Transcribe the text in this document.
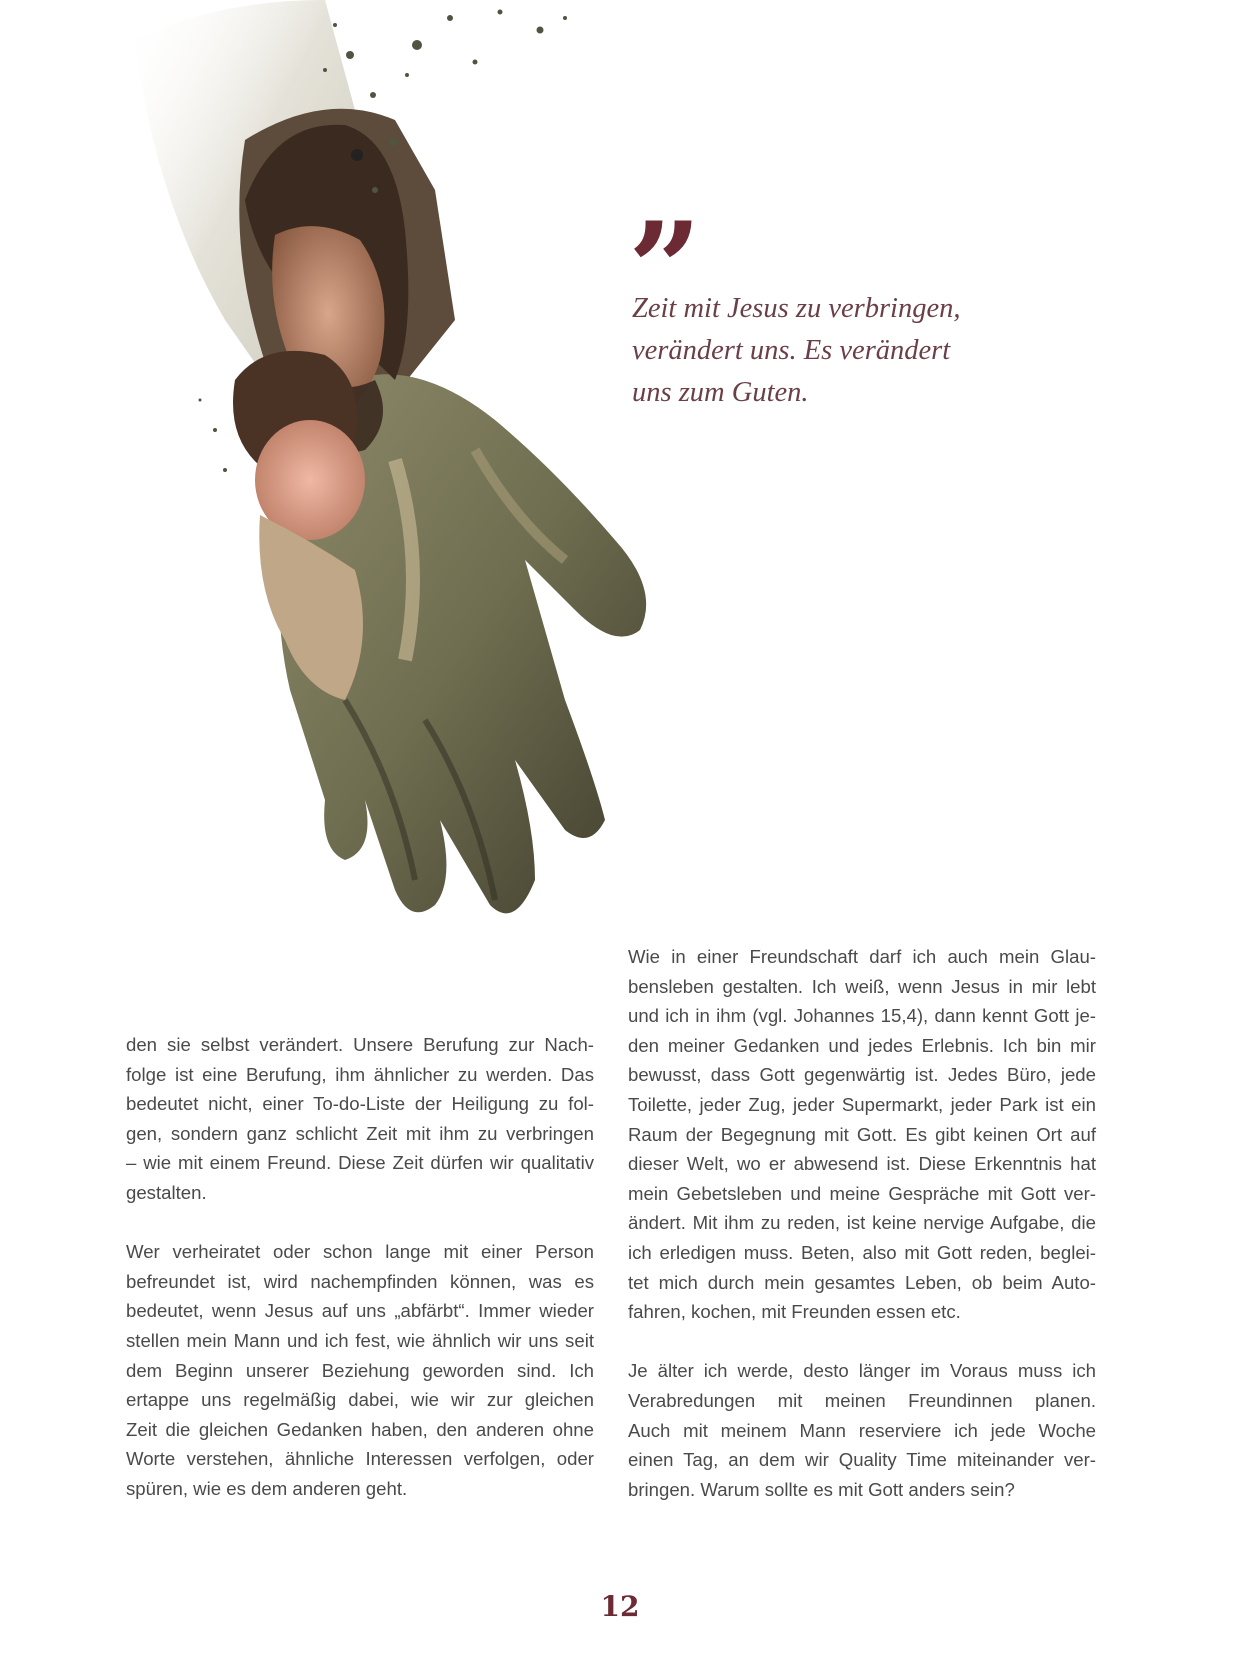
”
Zeit mit Jesus zu verbringen,
verändert uns. Es verändert
uns zum Guten.

den sie selbst verändert. Unsere Berufung zur Nach-
folge ist eine Berufung, ihm ähnlicher zu werden. Das
bedeutet nicht, einer To-do-Liste der Heiligung zu fol-
gen, sondern ganz schlicht Zeit mit ihm zu verbringen
– wie mit einem Freund. Diese Zeit dürfen wir qualitativ
gestalten.

Wer verheiratet oder schon lange mit einer Person
befreundet ist, wird nachempfinden können, was es
bedeutet, wenn Jesus auf uns „abfärbt“. Immer wieder
stellen mein Mann und ich fest, wie ähnlich wir uns seit
dem Beginn unserer Beziehung geworden sind. Ich
ertappe uns regelmäßig dabei, wie wir zur gleichen
Zeit die gleichen Gedanken haben, den anderen ohne
Worte verstehen, ähnliche Interessen verfolgen, oder
spüren, wie es dem anderen geht.

Wie in einer Freundschaft darf ich auch mein Glau-
bensleben gestalten. Ich weiß, wenn Jesus in mir lebt
und ich in ihm (vgl. Johannes 15,4), dann kennt Gott je-
den meiner Gedanken und jedes Erlebnis. Ich bin mir
bewusst, dass Gott gegenwärtig ist. Jedes Büro, jede
Toilette, jeder Zug, jeder Supermarkt, jeder Park ist ein
Raum der Begegnung mit Gott. Es gibt keinen Ort auf
dieser Welt, wo er abwesend ist. Diese Erkenntnis hat
mein Gebetsleben und meine Gespräche mit Gott ver-
ändert. Mit ihm zu reden, ist keine nervige Aufgabe, die
ich erledigen muss. Beten, also mit Gott reden, beglei-
tet mich durch mein gesamtes Leben, ob beim Auto-
fahren, kochen, mit Freunden essen etc.

Je älter ich werde, desto länger im Voraus muss ich
Verabredungen mit meinen Freundinnen planen.
Auch mit meinem Mann reserviere ich jede Woche
einen Tag, an dem wir Quality Time miteinander ver-
bringen. Warum sollte es mit Gott anders sein?

12
